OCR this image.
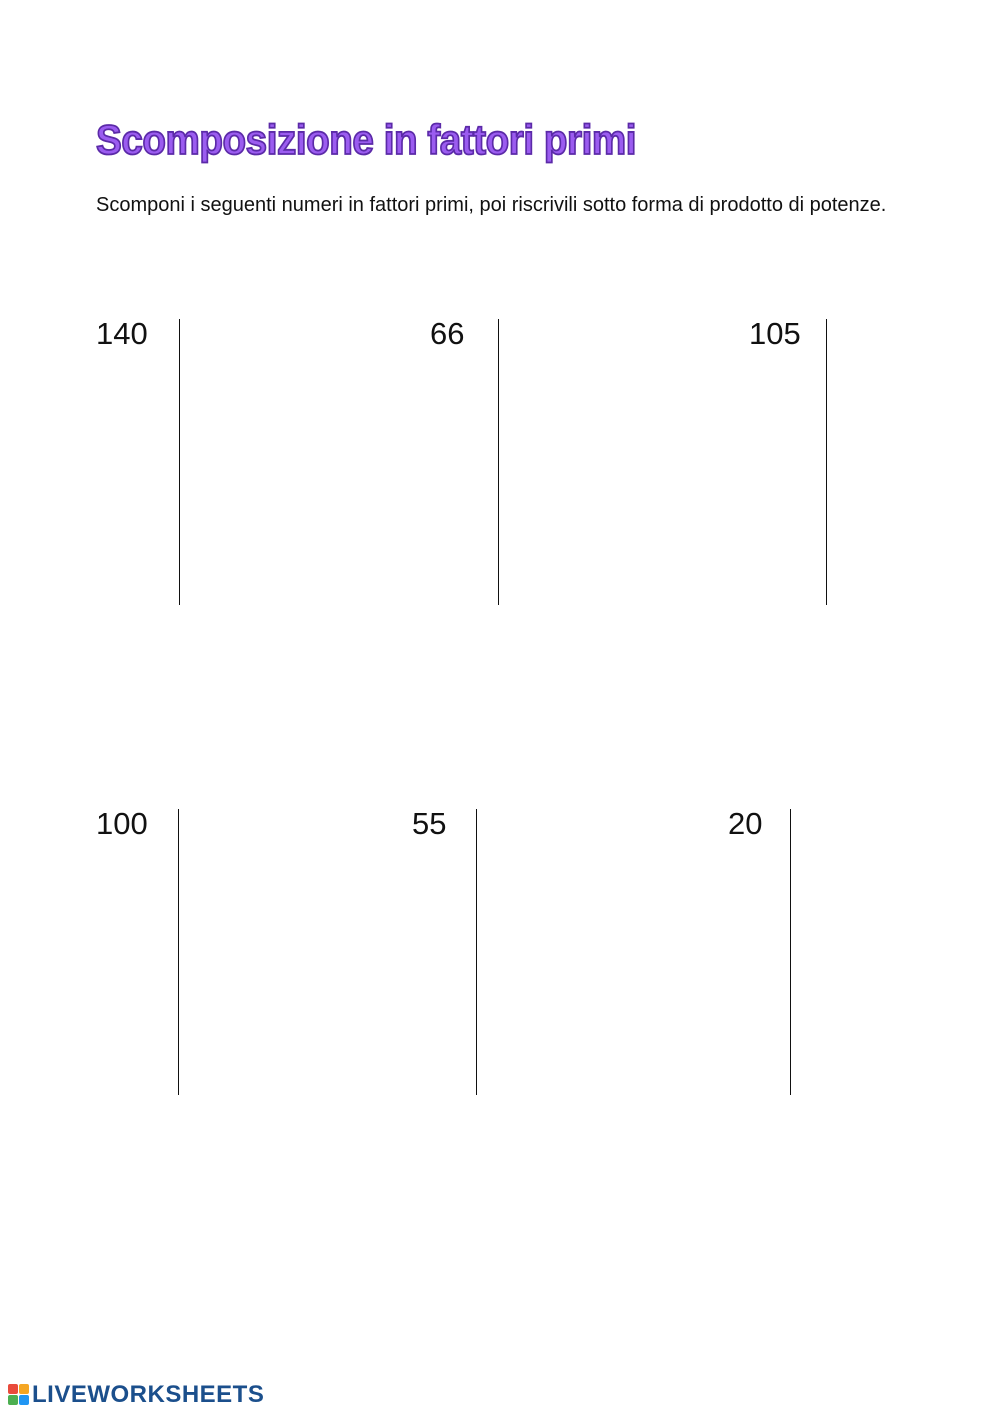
Scomposizione in fattori primi

Scomponi i seguenti numeri in fattori primi, poi riscrivili sotto forma di prodotto di potenze.

140	66	105
100	55	20
LIVEWORKSHEETS
